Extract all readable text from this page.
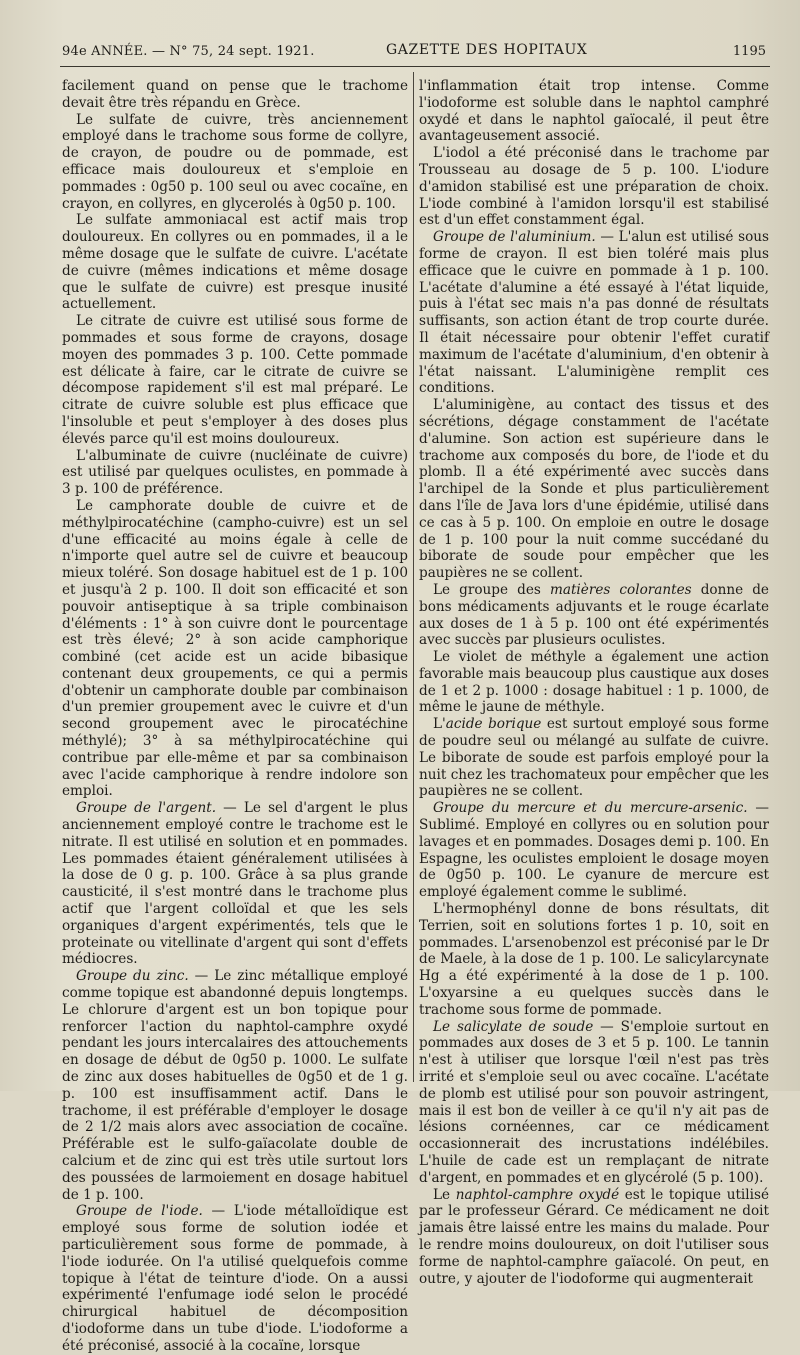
94e ANNÉE. — N° 75, 24 sept. 1921.	GAZETTE DES HOPITAUX	1195

facilement quand on pense que le trachome devait être très répandu en Grèce.

Le sulfate de cuivre, très anciennement employé dans le trachome sous forme de collyre, de crayon, de poudre ou de pommade, est efficace mais douloureux et s'emploie en pommades : 0g50 p. 100 seul ou avec cocaïne, en crayon, en collyres, en glycerolés à 0g50 p. 100.

Le sulfate ammoniacal est actif mais trop douloureux. En collyres ou en pommades, il a le même dosage que le sulfate de cuivre. L'acétate de cuivre (mêmes indications et même dosage que le sulfate de cuivre) est presque inusité actuellement.

Le citrate de cuivre est utilisé sous forme de pommades et sous forme de crayons, dosage moyen des pommades 3 p. 100. Cette pommade est délicate à faire, car le citrate de cuivre se décompose rapidement s'il est mal préparé. Le citrate de cuivre soluble est plus efficace que l'insoluble et peut s'employer à des doses plus élevés parce qu'il est moins douloureux.

L'albuminate de cuivre (nucléinate de cuivre) est utilisé par quelques oculistes, en pommade à 3 p. 100 de préférence.

Le camphorate double de cuivre et de méthylpirocatéchine (campho-cuivre) est un sel d'une efficacité au moins égale à celle de n'importe quel autre sel de cuivre et beaucoup mieux toléré. Son dosage habituel est de 1 p. 100 et jusqu'à 2 p. 100. Il doit son efficacité et son pouvoir antiseptique à sa triple combinaison d'éléments : 1° à son cuivre dont le pourcentage est très élevé; 2° à son acide camphorique combiné (cet acide est un acide bibasique contenant deux groupements, ce qui a permis d'obtenir un camphorate double par combinaison d'un premier groupement avec le cuivre et d'un second groupement avec le pirocatéchine méthylé); 3° à sa méthylpirocatéchine qui contribue par elle-même et par sa combinaison avec l'acide camphorique à rendre indolore son emploi.

Groupe de l'argent. — Le sel d'argent le plus anciennement employé contre le trachome est le nitrate. Il est utilisé en solution et en pommades. Les pommades étaient généralement utilisées à la dose de 0 g. p. 100. Grâce à sa plus grande causticité, il s'est montré dans le trachome plus actif que l'argent colloïdal et que les sels organiques d'argent expérimentés, tels que le proteinate ou vitellinate d'argent qui sont d'effets médiocres.

Groupe du zinc. — Le zinc métallique employé comme topique est abandonné depuis longtemps. Le chlorure d'argent est un bon topique pour renforcer l'action du naphtol-camphre oxydé pendant les jours intercalaires des attouchements en dosage de début de 0g50 p. 1000. Le sulfate de zinc aux doses habituelles de 0g50 et de 1 g. p. 100 est insuffisamment actif. Dans le trachome, il est préférable d'employer le dosage de 2 1/2 mais alors avec association de cocaïne. Préférable est le sulfo-gaïacolate double de calcium et de zinc qui est très utile surtout lors des poussées de larmoiement en dosage habituel de 1 p. 100.

Groupe de l'iode. — L'iode métalloïdique est employé sous forme de solution iodée et particulièrement sous forme de pommade, à l'iode iodurée. On l'a utilisé quelquefois comme topique à l'état de teinture d'iode. On a aussi expérimenté l'enfumage iodé selon le procédé chirurgical habituel de décomposition d'iodoforme dans un tube d'iode. L'iodoforme a été préconisé, associé à la cocaïne, lorsque

l'inflammation était trop intense. Comme l'iodoforme est soluble dans le naphtol camphré oxydé et dans le naphtol gaïocalé, il peut être avantageusement associé.

L'iodol a été préconisé dans le trachome par Trousseau au dosage de 5 p. 100. L'iodure d'amidon stabilisé est une préparation de choix. L'iode combiné à l'amidon lorsqu'il est stabilisé est d'un effet constamment égal.

Groupe de l'aluminium. — L'alun est utilisé sous forme de crayon. Il est bien toléré mais plus efficace que le cuivre en pommade à 1 p. 100. L'acétate d'alumine a été essayé à l'état liquide, puis à l'état sec mais n'a pas donné de résultats suffisants, son action étant de trop courte durée. Il était nécessaire pour obtenir l'effet curatif maximum de l'acétate d'aluminium, d'en obtenir à l'état naissant. L'aluminigène remplit ces conditions.

L'aluminigène, au contact des tissus et des sécrétions, dégage constamment de l'acétate d'alumine. Son action est supérieure dans le trachome aux composés du bore, de l'iode et du plomb. Il a été expérimenté avec succès dans l'archipel de la Sonde et plus particulièrement dans l'île de Java lors d'une épidémie, utilisé dans ce cas à 5 p. 100. On emploie en outre le dosage de 1 p. 100 pour la nuit comme succédané du biborate de soude pour empêcher que les paupières ne se collent.

Le groupe des matières colorantes donne de bons médicaments adjuvants et le rouge écarlate aux doses de 1 à 5 p. 100 ont été expérimentés avec succès par plusieurs oculistes.

Le violet de méthyle a également une action favorable mais beaucoup plus caustique aux doses de 1 et 2 p. 1000 : dosage habituel : 1 p. 1000, de même le jaune de méthyle.

L'acide borique est surtout employé sous forme de poudre seul ou mélangé au sulfate de cuivre. Le biborate de soude est parfois employé pour la nuit chez les trachomateux pour empêcher que les paupières ne se collent.

Groupe du mercure et du mercure-arsenic. — Sublimé. Employé en collyres ou en solution pour lavages et en pommades. Dosages demi p. 100. En Espagne, les oculistes emploient le dosage moyen de 0g50 p. 100. Le cyanure de mercure est employé également comme le sublimé.

L'hermophényl donne de bons résultats, dit Terrien, soit en solutions fortes 1 p. 10, soit en pommades. L'arsenobenzol est préconisé par le Dr de Maele, à la dose de 1 p. 100. Le salicylarcynate Hg a été expérimenté à la dose de 1 p. 100. L'oxyarsine a eu quelques succès dans le trachome sous forme de pommade.

Le salicylate de soude — S'emploie surtout en pommades aux doses de 3 et 5 p. 100. Le tannin n'est à utiliser que lorsque l'œil n'est pas très irrité et s'emploie seul ou avec cocaïne. L'acétate de plomb est utilisé pour son pouvoir astringent, mais il est bon de veiller à ce qu'il n'y ait pas de lésions cornéennes, car ce médicament occasionnerait des incrustations indélébiles. L'huile de cade est un remplaçant de nitrate d'argent, en pommades et en glycérolé (5 p. 100).

Le naphtol-camphre oxydé est le topique utilisé par le professeur Gérard. Ce médicament ne doit jamais être laissé entre les mains du malade. Pour le rendre moins douloureux, on doit l'utiliser sous forme de naphtol-camphre gaïacolé. On peut, en outre, y ajouter de l'iodoforme qui augmenterait
